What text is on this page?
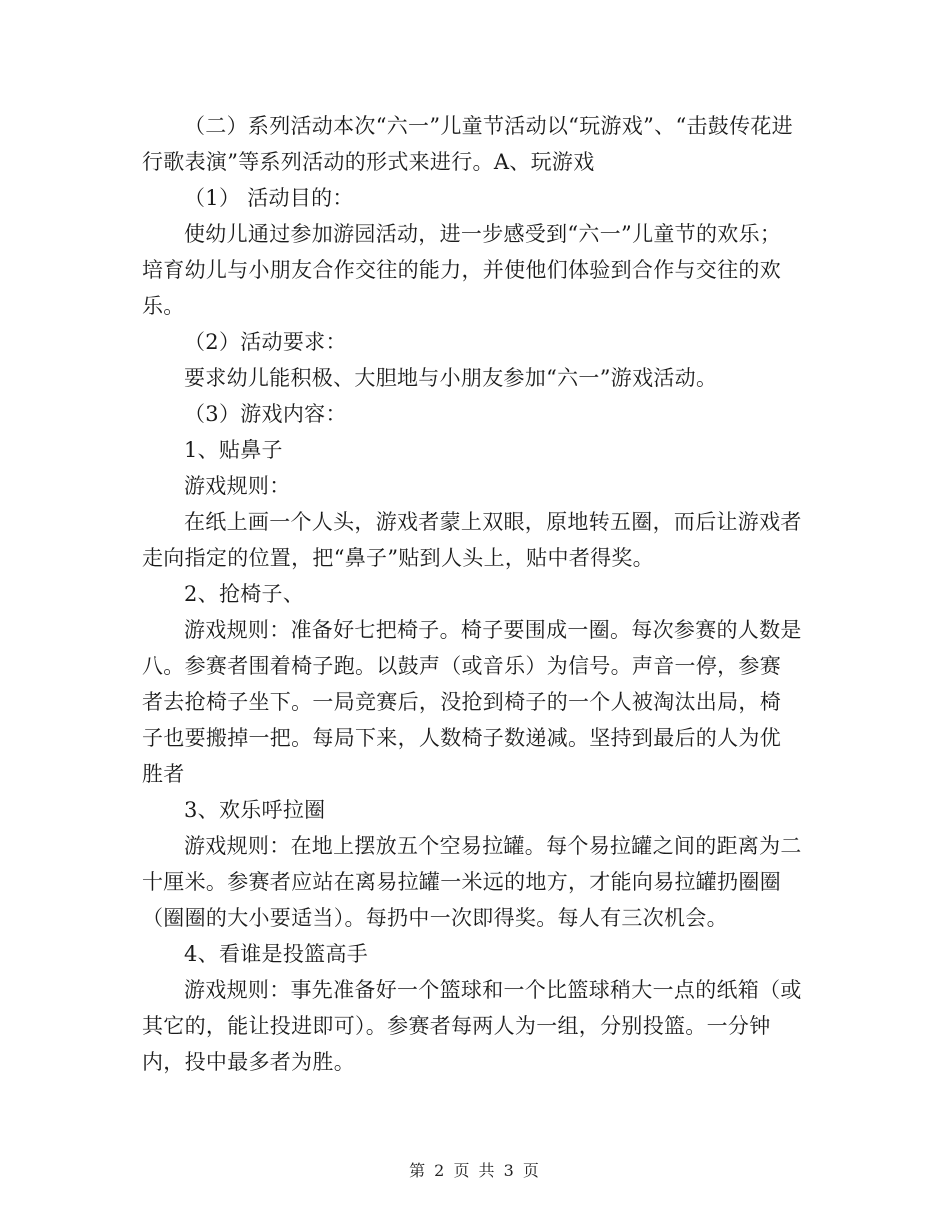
（二）系列活动本次“六一”儿童节活动以“玩游戏”、“击鼓传花进行歌表演”等系列活动的形式来进行。A、玩游戏

（1） 活动目的：

使幼儿通过参加游园活动，进一步感受到“六一”儿童节的欢乐；培育幼儿与小朋友合作交往的能力，并使他们体验到合作与交往的欢乐。

（2）活动要求：

要求幼儿能积极、大胆地与小朋友参加“六一”游戏活动。

（3）游戏内容：

1、贴鼻子

游戏规则：

在纸上画一个人头，游戏者蒙上双眼，原地转五圈，而后让游戏者走向指定的位置，把“鼻子”贴到人头上，贴中者得奖。

2、抢椅子、

游戏规则：准备好七把椅子。椅子要围成一圈。每次参赛的人数是八。参赛者围着椅子跑。以鼓声（或音乐）为信号。声音一停，参赛者去抢椅子坐下。一局竞赛后，没抢到椅子的一个人被淘汰出局，椅子也要搬掉一把。每局下来，人数椅子数递减。坚持到最后的人为优胜者

3、欢乐呼拉圈

游戏规则：在地上摆放五个空易拉罐。每个易拉罐之间的距离为二十厘米。参赛者应站在离易拉罐一米远的地方，才能向易拉罐扔圈圈（圈圈的大小要适当）。每扔中一次即得奖。每人有三次机会。

4、看谁是投篮高手

游戏规则：事先准备好一个篮球和一个比篮球稍大一点的纸箱（或其它的，能让投进即可）。参赛者每两人为一组，分别投篮。一分钟内，投中最多者为胜。

第 2 页 共 3 页
